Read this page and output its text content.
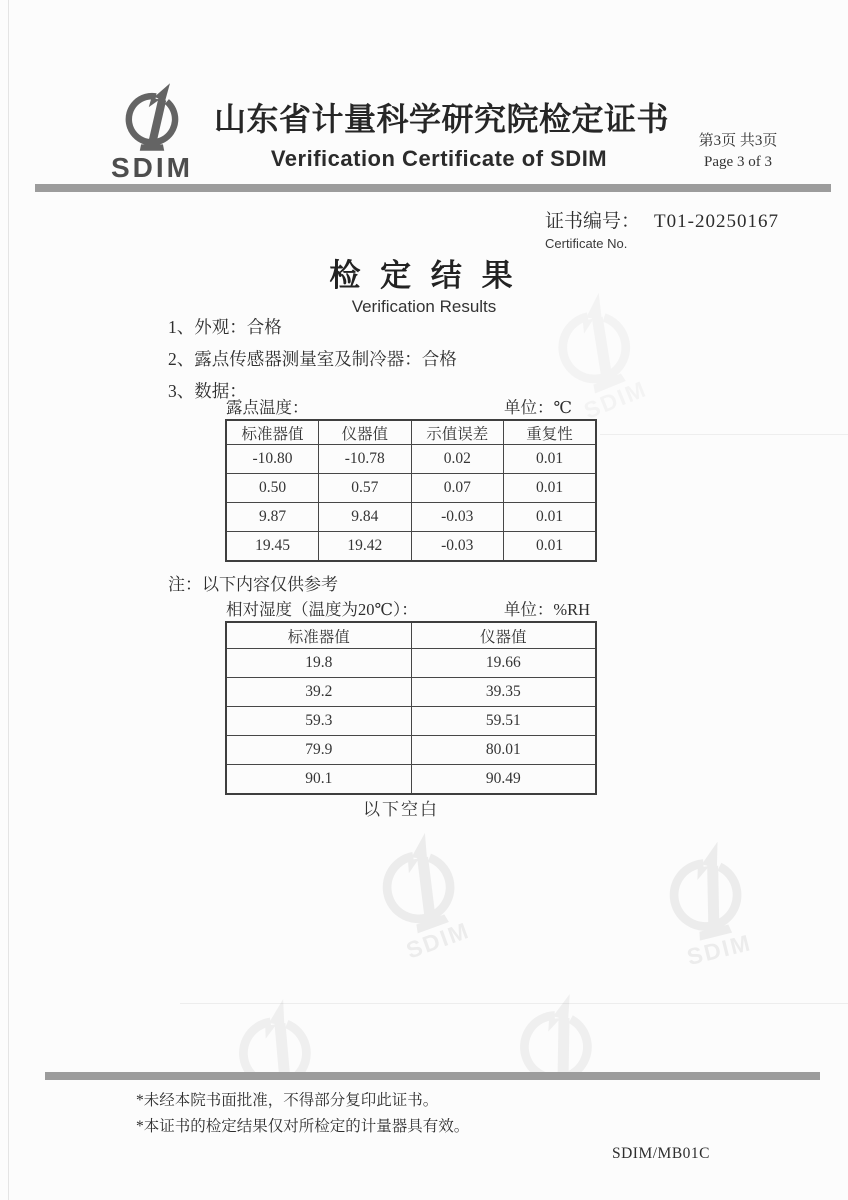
SDIM
SDIM	SDIM
SDIM
山东省计量科学研究院检定证书
Verification Certificate of SDIM
第3页 共3页
Page 3 of 3
证书编号： T01-20250167
Certificate No.
检 定 结 果
Verification Results
1、外观：合格
2、露点传感器测量室及制冷器：合格
3、数据：
露点温度：	单位：℃
标准器值	仪器值	示值误差	重复性
-10.80	-10.78	0.02	0.01
0.50	0.57	0.07	0.01
9.87	9.84	-0.03	0.01
19.45	19.42	-0.03	0.01
注：以下内容仅供参考
相对湿度（温度为20℃）：	单位：%RH
标准器值	仪器值
19.8	19.66
39.2	39.35
59.3	59.51
79.9	80.01
90.1	90.49
以下空白
*未经本院书面批准，不得部分复印此证书。
*本证书的检定结果仅对所检定的计量器具有效。
SDIM/MB01C
